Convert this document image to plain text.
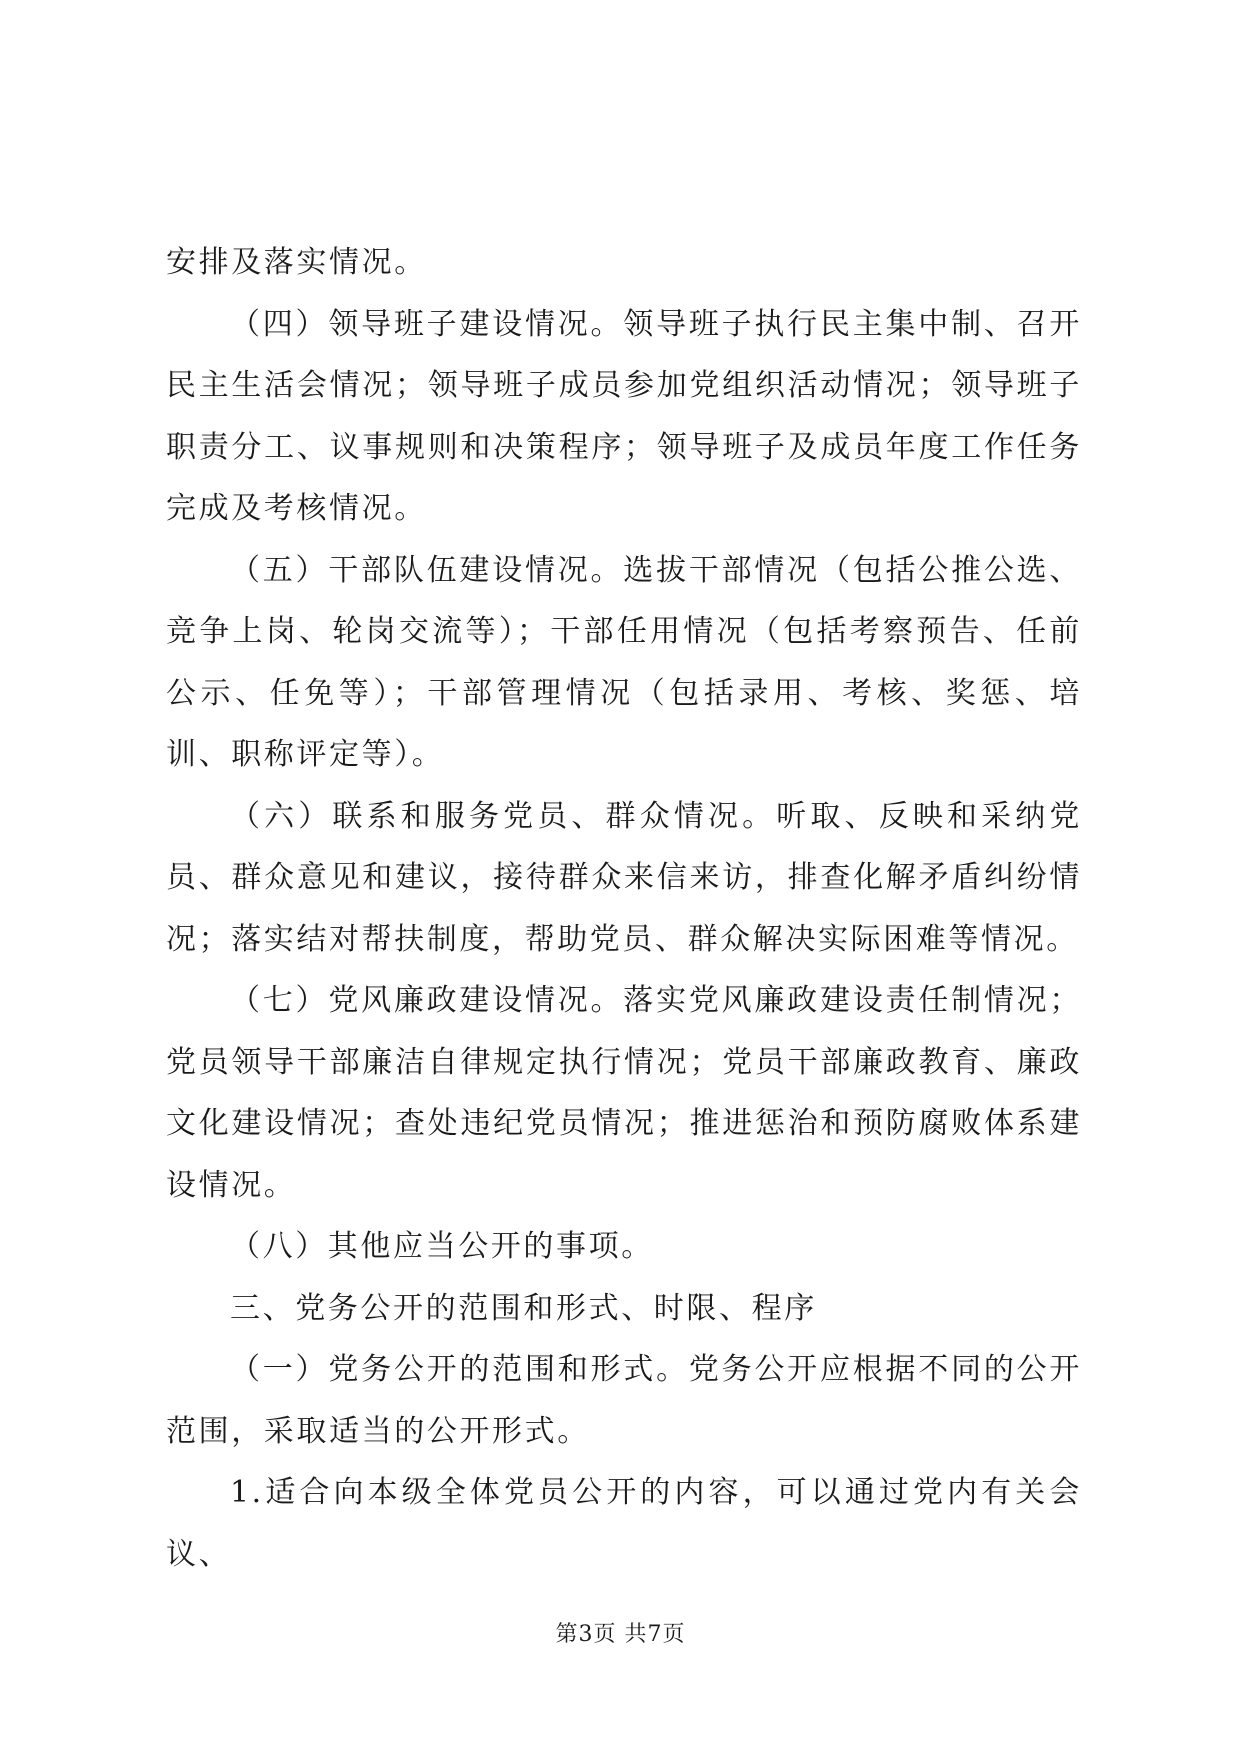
安排及落实情况。

（四）领导班子建设情况。领导班子执行民主集中制、召开民主生活会情况；领导班子成员参加党组织活动情况；领导班子职责分工、议事规则和决策程序；领导班子及成员年度工作任务完成及考核情况。

（五）干部队伍建设情况。选拔干部情况（包括公推公选、竞争上岗、轮岗交流等）；干部任用情况（包括考察预告、任前公示、任免等）；干部管理情况（包括录用、考核、奖惩、培训、职称评定等）。

（六）联系和服务党员、群众情况。听取、反映和采纳党员、群众意见和建议，接待群众来信来访，排查化解矛盾纠纷情况；落实结对帮扶制度，帮助党员、群众解决实际困难等情况。

（七）党风廉政建设情况。落实党风廉政建设责任制情况；党员领导干部廉洁自律规定执行情况；党员干部廉政教育、廉政文化建设情况；查处违纪党员情况；推进惩治和预防腐败体系建设情况。

（八）其他应当公开的事项。

三、党务公开的范围和形式、时限、程序

（一）党务公开的范围和形式。党务公开应根据不同的公开范围，采取适当的公开形式。

1.适合向本级全体党员公开的内容，可以通过党内有关会议、

第3页 共7页
